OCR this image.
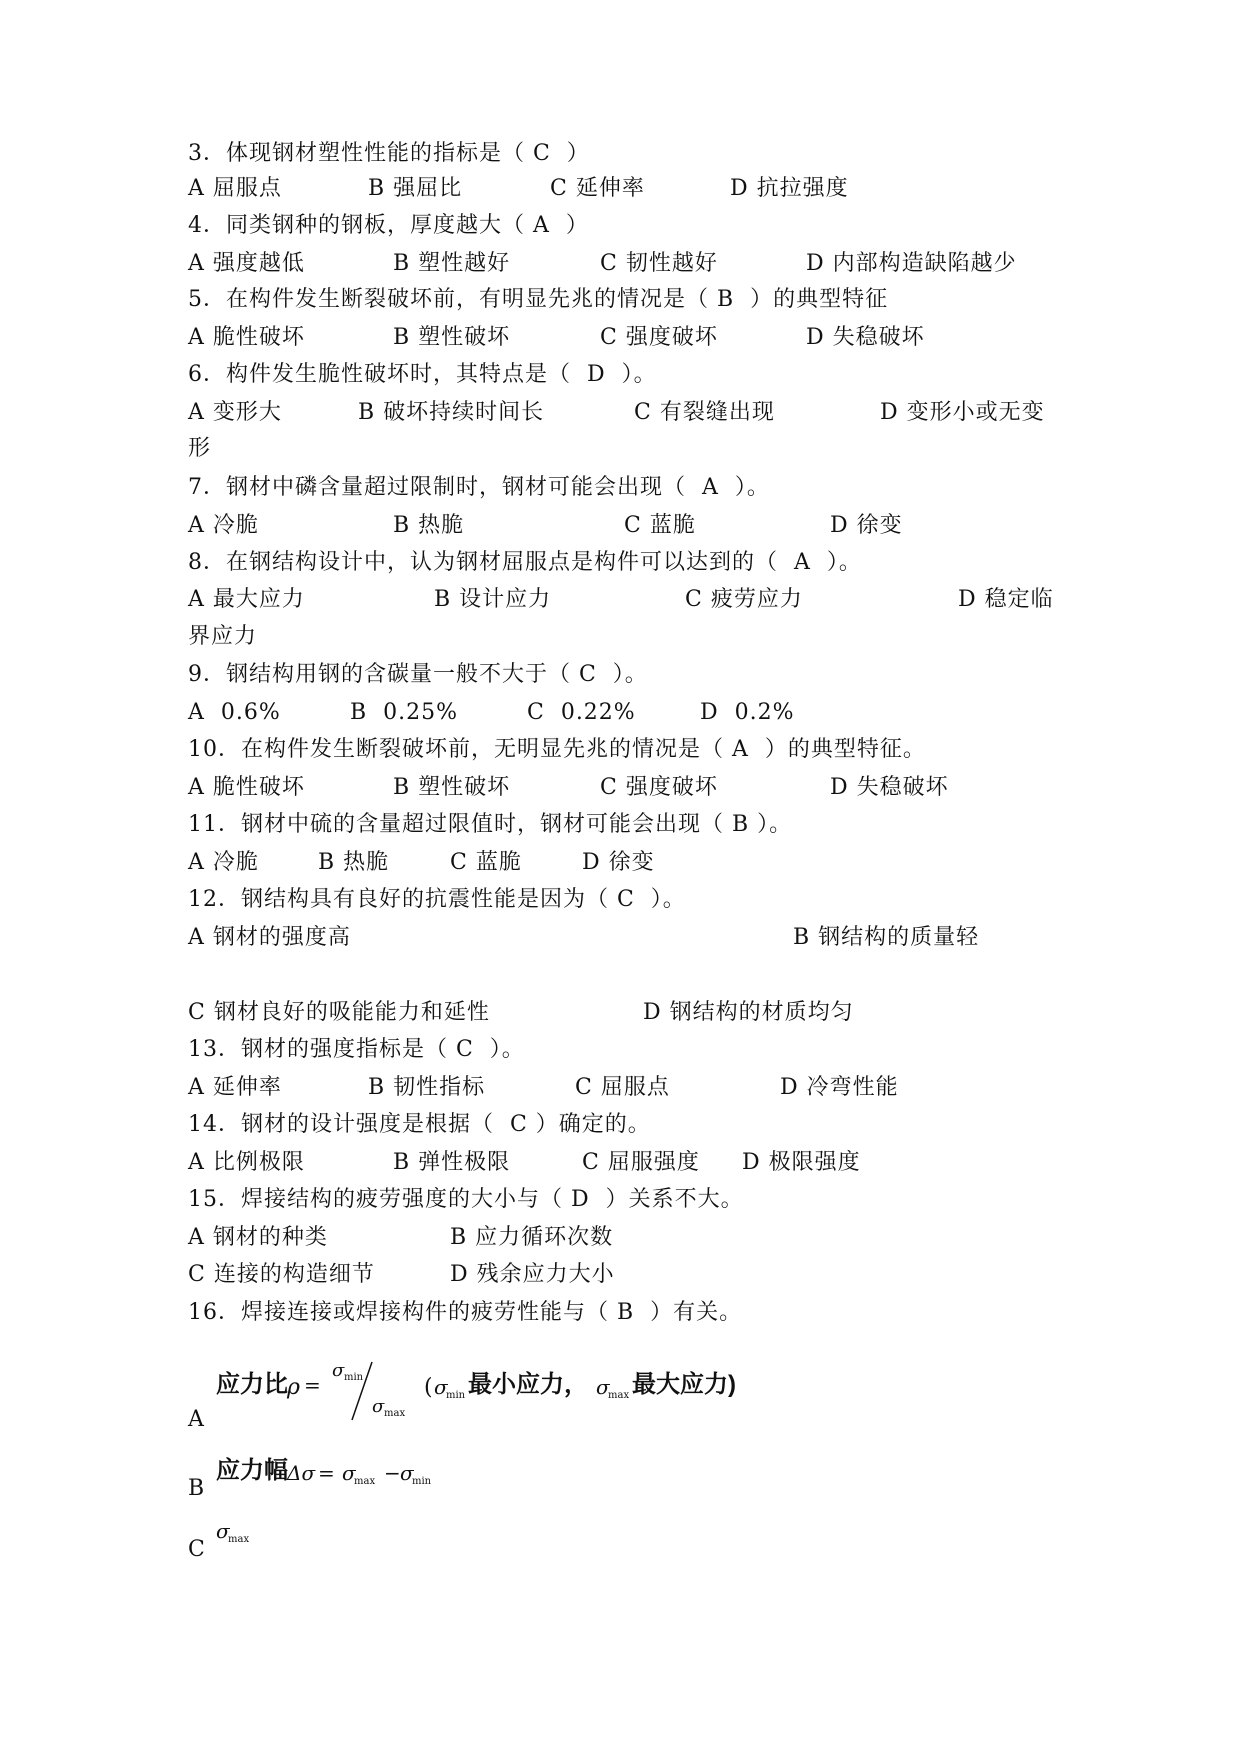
3．体现钢材塑性性能的指标是（ C  ）
A 屈服点	B 强屈比	C 延伸率	D 抗拉强度
4．同类钢种的钢板，厚度越大（ A  ）
A 强度越低	B 塑性越好	C 韧性越好	D 内部构造缺陷越少
5．在构件发生断裂破坏前，有明显先兆的情况是（ B  ）的典型特征
A 脆性破坏	B 塑性破坏	C 强度破坏	D 失稳破坏
6．构件发生脆性破坏时，其特点是（  D  ）。
A 变形大	B 破坏持续时间长	C 有裂缝出现	D 变形小或无变
形
7．钢材中磷含量超过限制时，钢材可能会出现（  A  ）。
A 冷脆	B 热脆	C 蓝脆	D 徐变
8．在钢结构设计中，认为钢材屈服点是构件可以达到的（  A  ）。
A 最大应力	B 设计应力	C 疲劳应力	D 稳定临
界应力
9．钢结构用钢的含碳量一般不大于（ C  ）。
A  0.6%	B  0.25%	C  0.22%	D  0.2%
10．在构件发生断裂破坏前，无明显先兆的情况是（ A  ）的典型特征。
A 脆性破坏	B 塑性破坏	C 强度破坏	D 失稳破坏
11．钢材中硫的含量超过限值时，钢材可能会出现（ B ）。
A 冷脆	B 热脆	C 蓝脆	D 徐变
12．钢结构具有良好的抗震性能是因为（ C  ）。
A 钢材的强度高	B 钢结构的质量轻
C 钢材良好的吸能能力和延性	D 钢结构的材质均匀
13．钢材的强度指标是（ C  ）。
A 延伸率	B 韧性指标	C 屈服点	D 冷弯性能
14．钢材的设计强度是根据（  C ）确定的。
A 比例极限	B 弹性极限	C 屈服强度 D 极限强度
15．焊接结构的疲劳强度的大小与（ D  ）关系不大。
A 钢材的种类	B 应力循环次数
C 连接的构造细节	D 残余应力大小
16．焊接连接或焊接构件的疲劳性能与（ B  ）有关。
A
应力比 ρ =
σ min
σ max
( σ
min 最小应力， σ
max 最大应力)
B
应力幅 Δσ = σ
max − σ
min
C
σ
max
